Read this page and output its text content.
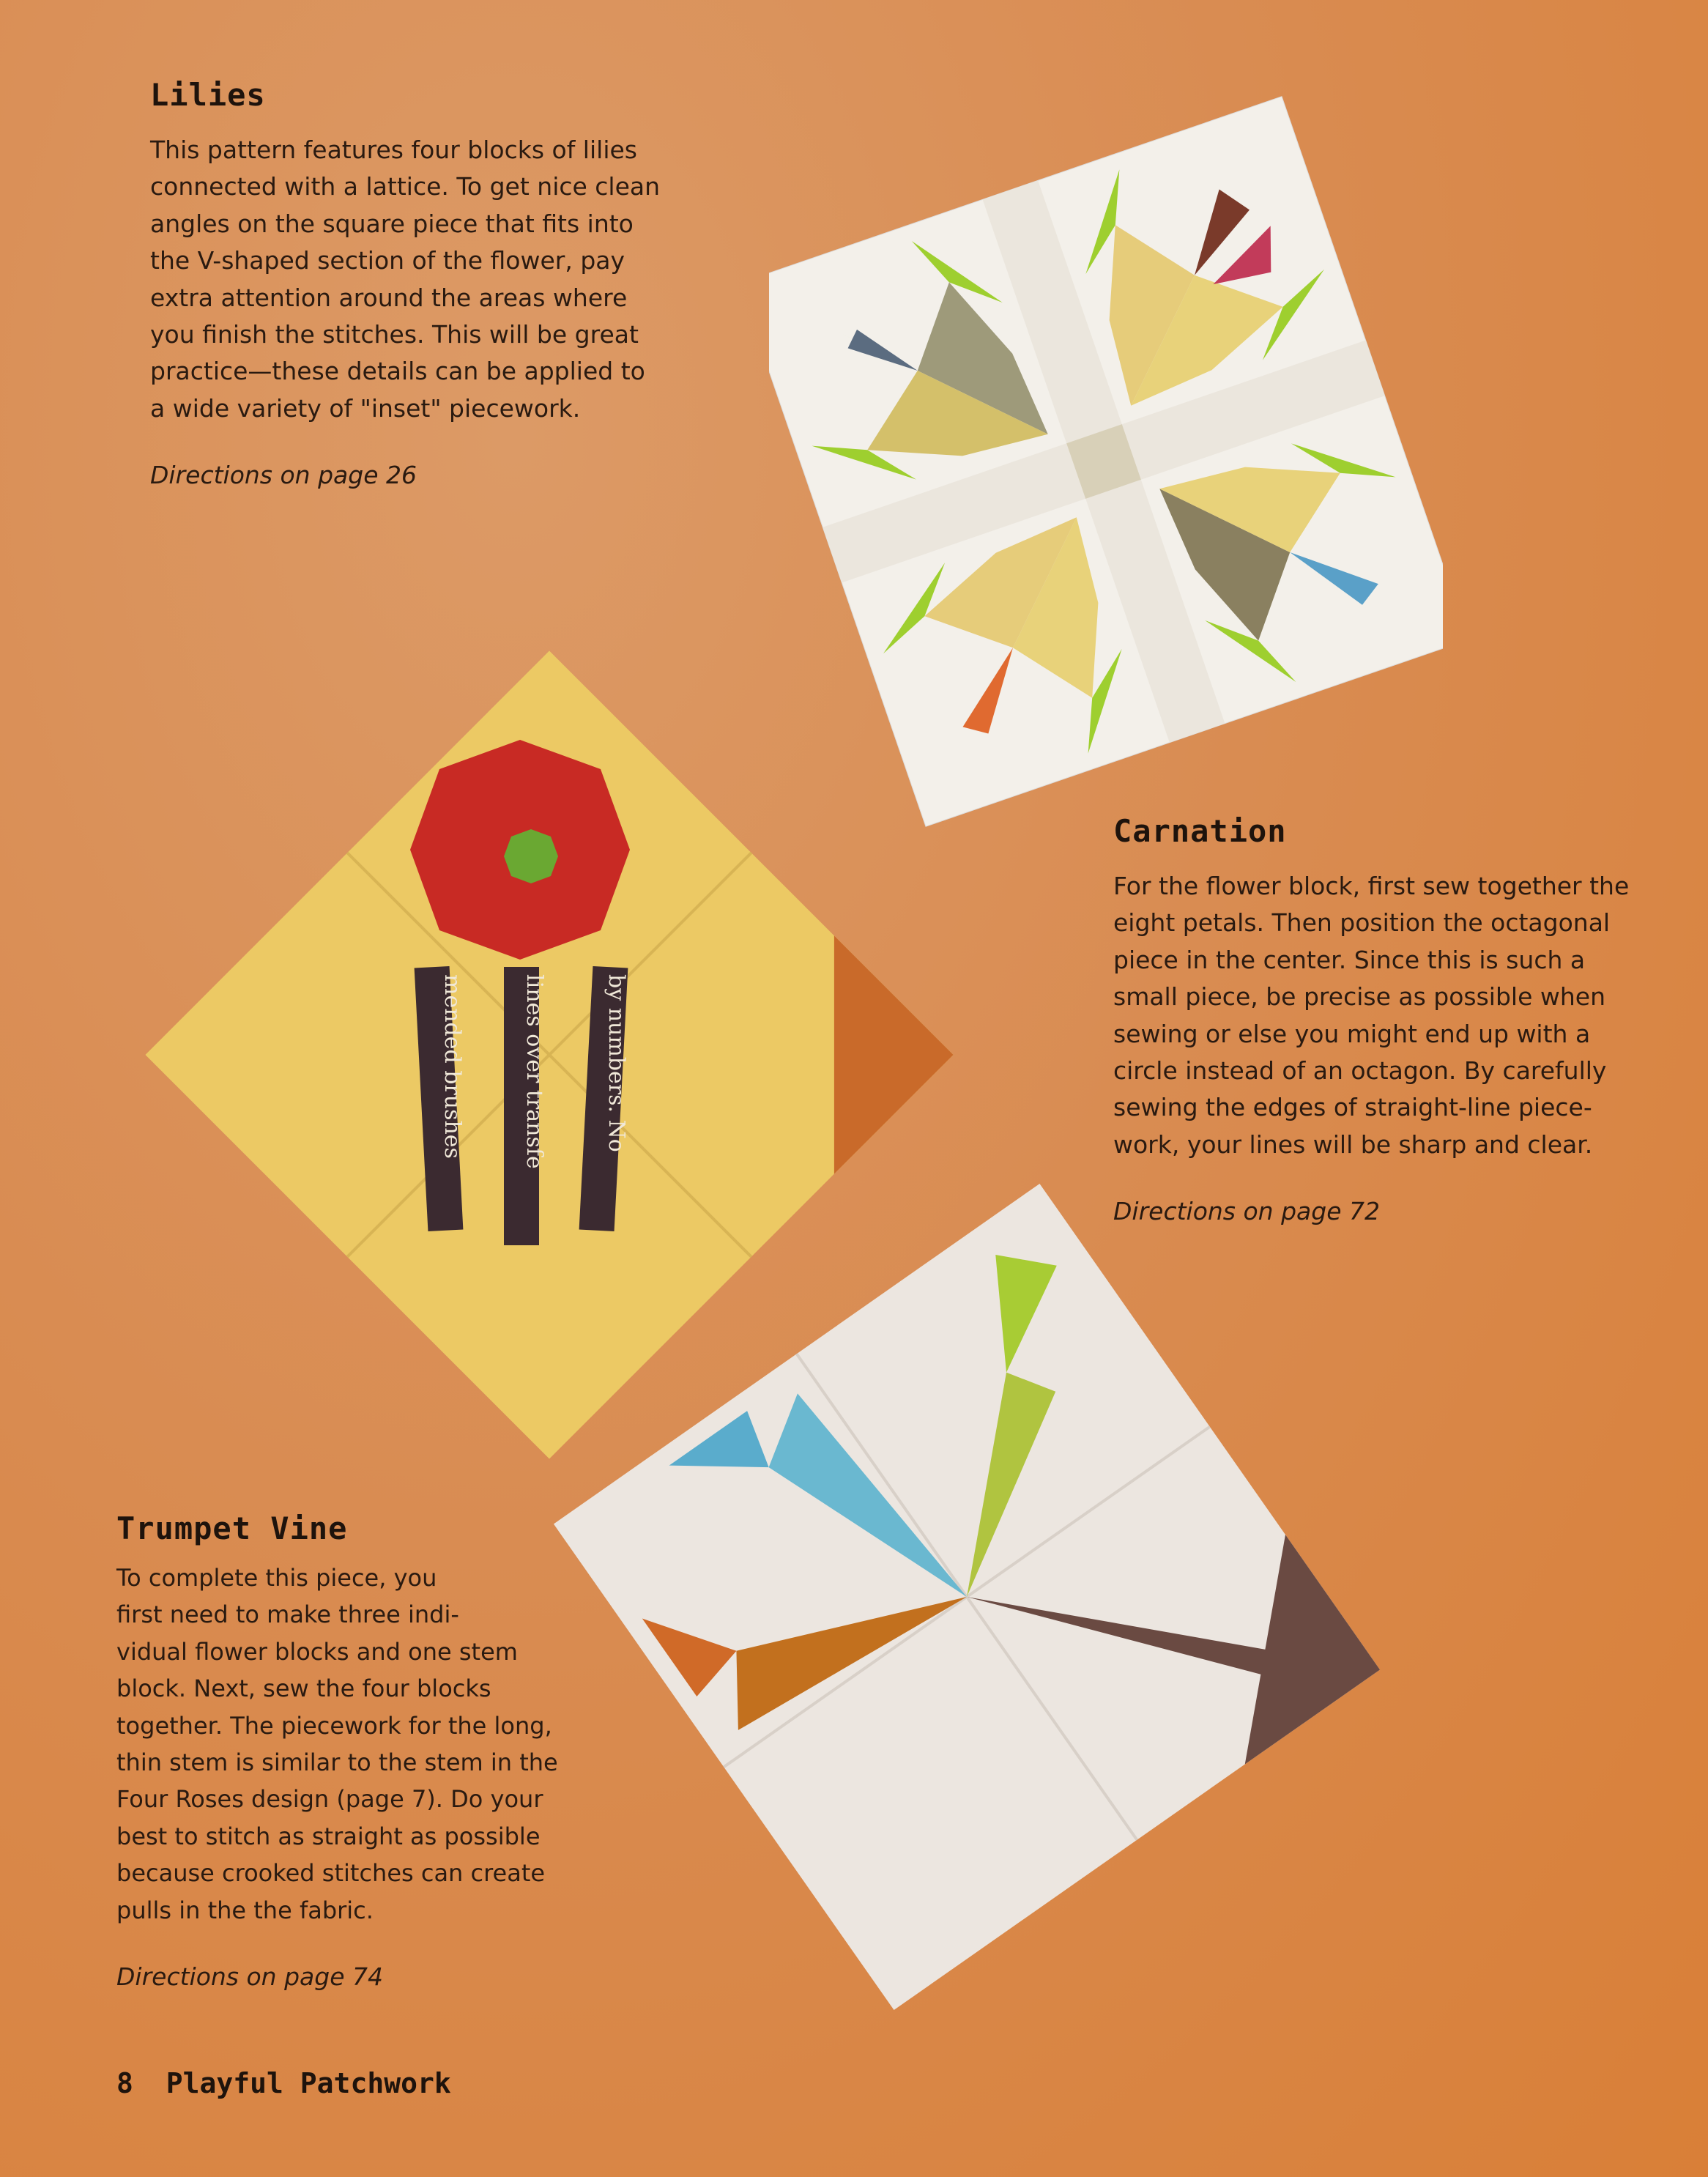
by numbers. No
lines over transfe
mended brushes
Lilies
This pattern features four blocks of lilies
connected with a lattice. To get nice clean
angles on the square piece that fits into
the V-shaped section of the flower, pay
extra attention around the areas where
you finish the stitches. This will be great
practice—these details can be applied to
a wide variety of "inset" piecework.
Directions on page 26
Carnation
For the flower block, first sew together the
eight petals. Then position the octagonal
piece in the center. Since this is such a
small piece, be precise as possible when
sewing or else you might end up with a
circle instead of an octagon. By carefully
sewing the edges of straight-line piece-
work, your lines will be sharp and clear.
Directions on page 72
Trumpet Vine
To complete this piece, you
first need to make three indi-
vidual flower blocks and one stem
block. Next, sew the four blocks
together. The piecework for the long,
thin stem is similar to the stem in the
Four Roses design (page 7). Do your
best to stitch as straight as possible
because crooked stitches can create
pulls in the the fabric.
Directions on page 74
8 Playful Patchwork
